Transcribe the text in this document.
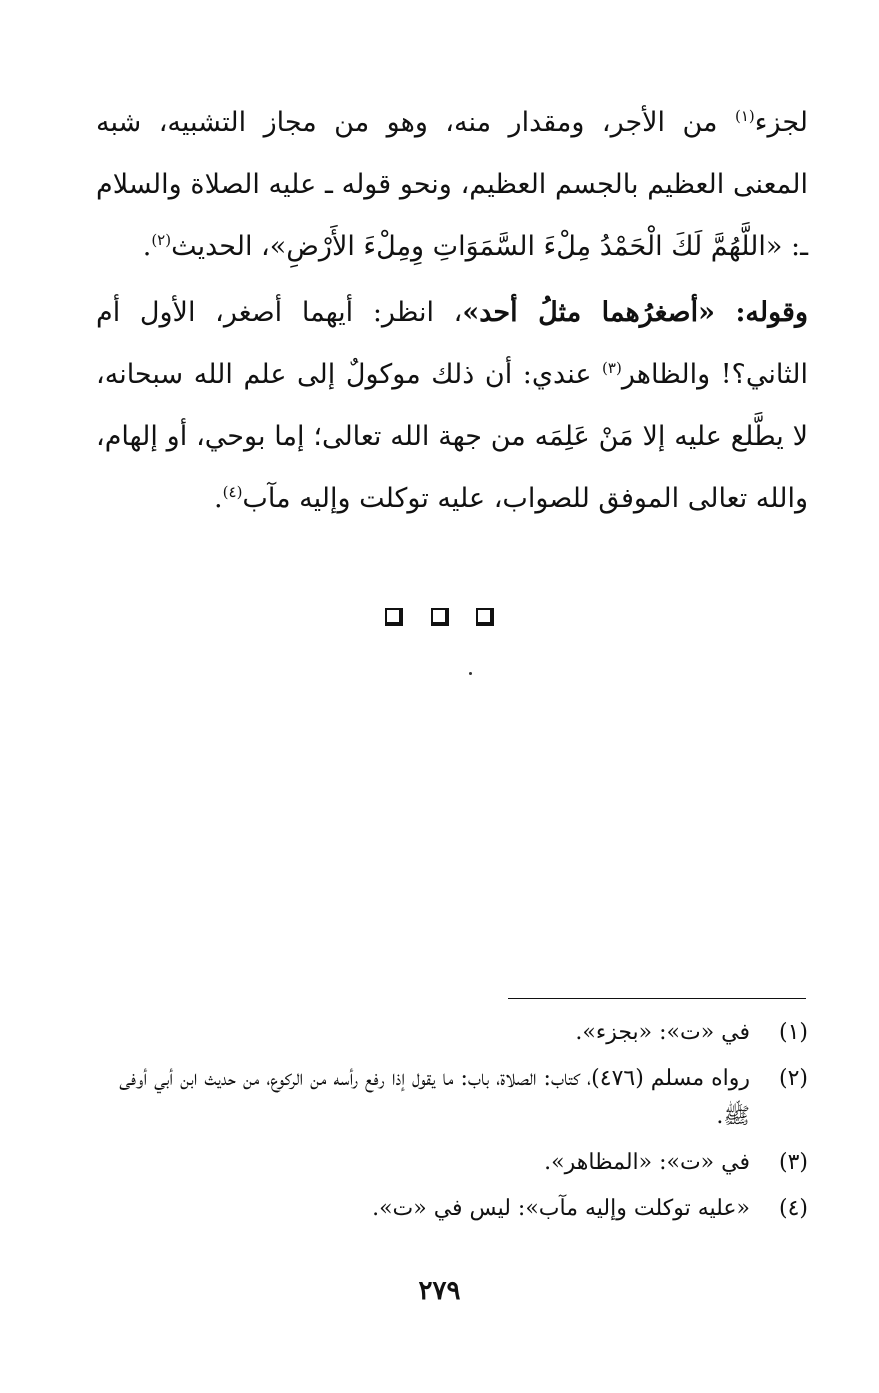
لجزء$^{(١)}$ من الأجر، ومقدار منه، وهو من مجاز التشبيه، شبه المعنى العظيم بالجسم العظيم، ونحو قوله ـ عليه الصلاة والسلام ـ: «اللَّهُمَّ لَكَ الْحَمْدُ مِلْءَ السَّمَوَاتِ وِمِلْءَ الأَرْضِ»، الحديث$^{(٢)}$.

وقوله: «أصغرُهما مثلُ أحد»، انظر: أيهما أصغر، الأول أم الثاني؟! والظاهر$^{(٣)}$ عندي: أن ذلك موكولٌ إلى علم الله سبحانه، لا يطَّلع عليه إلا مَنْ عَلِمَه من جهة الله تعالى؛ إما بوحي، أو إلهام، والله تعالى الموفق للصواب، عليه توكلت وإليه مآب$^{(٤)}$.

(١)
في «ت»: «بجزء».
(٢)
رواه مسلم (٤٧٦)، كتاب: الصلاة، باب: ما يقول إذا رفع رأسه من الركوع، من حديث ابن أبي أوفى ﷺ.
(٣)
في «ت»: «المظاهر».
(٤)
«عليه توكلت وإليه مآب»: ليس في «ت».
٢٧٩
